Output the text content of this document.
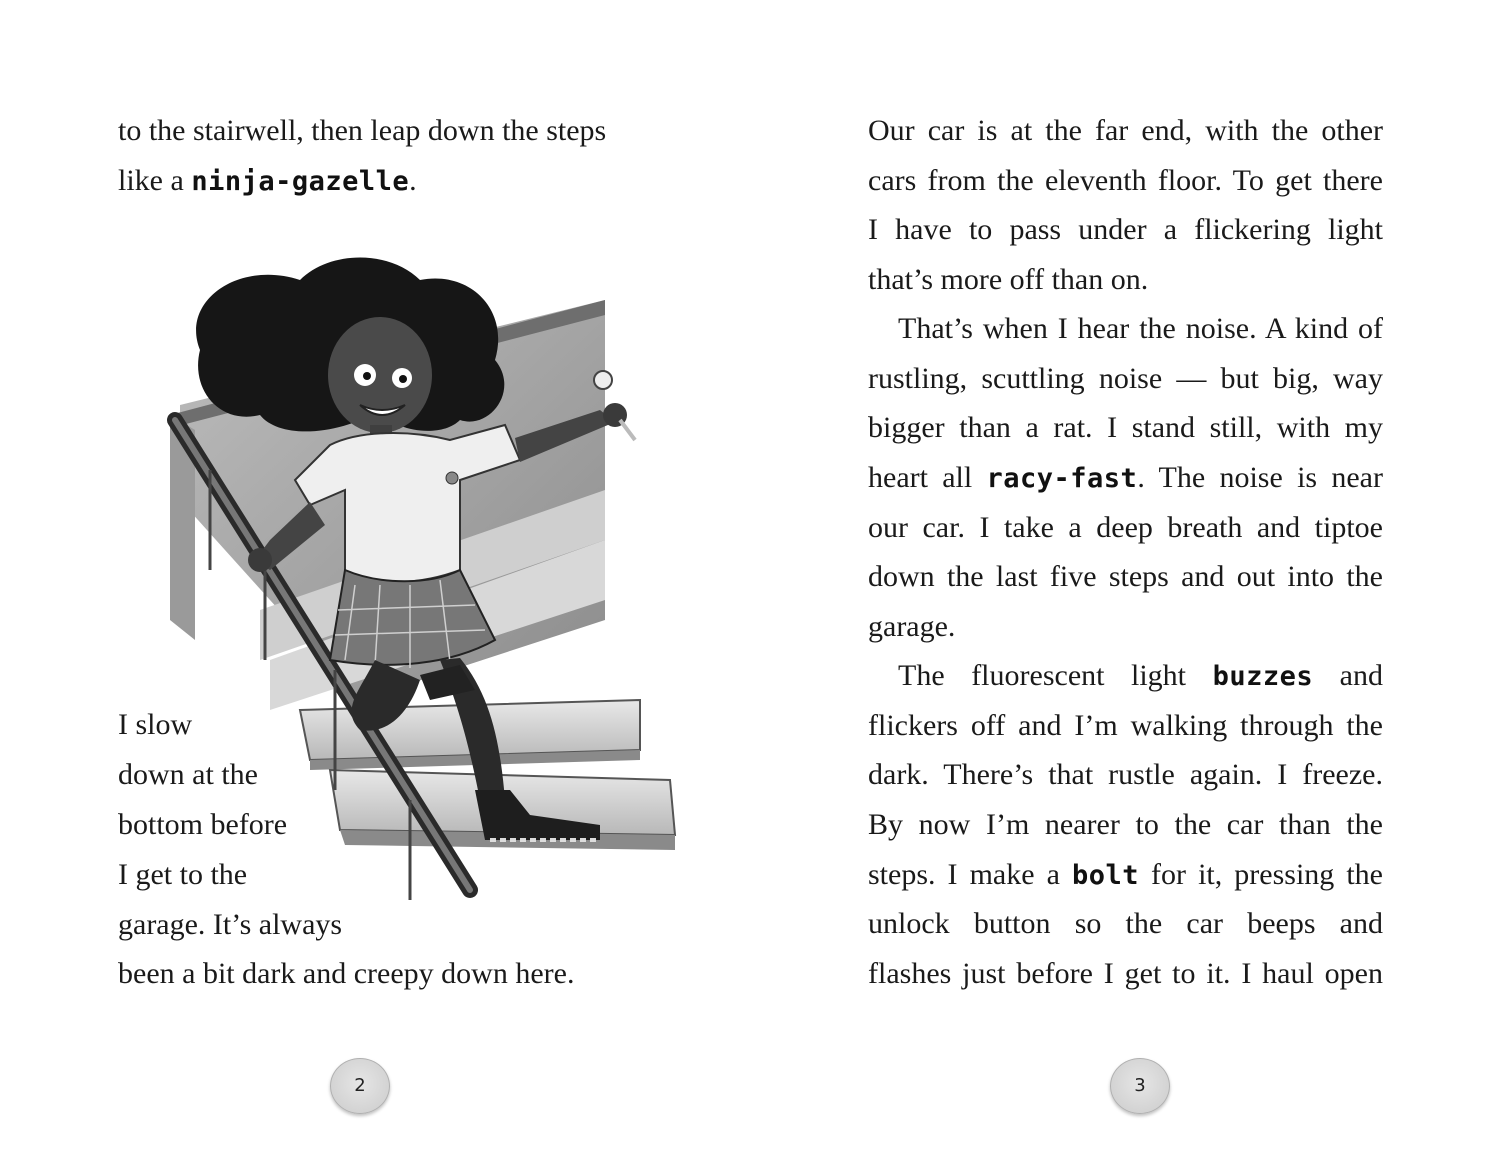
to the stairwell, then leap down the steps
like a ninja-gazelle.
I slow
down at the
bottom before
I get to the
garage. It’s always
been a bit dark and creepy down here.
2
Our car is at the far end, with the other
cars from the eleventh floor. To get there
I have to pass under a flickering light
that’s more off than on.
That’s when I hear the noise. A kind of
rustling, scuttling noise — but big, way
bigger than a rat. I stand still, with my
heart all racy-fast. The noise is near
our car. I take a deep breath and tiptoe
down the last five steps and out into the
garage.
The fluorescent light buzzes and
flickers off and I’m walking through the
dark. There’s that rustle again. I freeze.
By now I’m nearer to the car than the
steps. I make a bolt for it, pressing the
unlock button so the car beeps and
flashes just before I get to it. I haul open
3
